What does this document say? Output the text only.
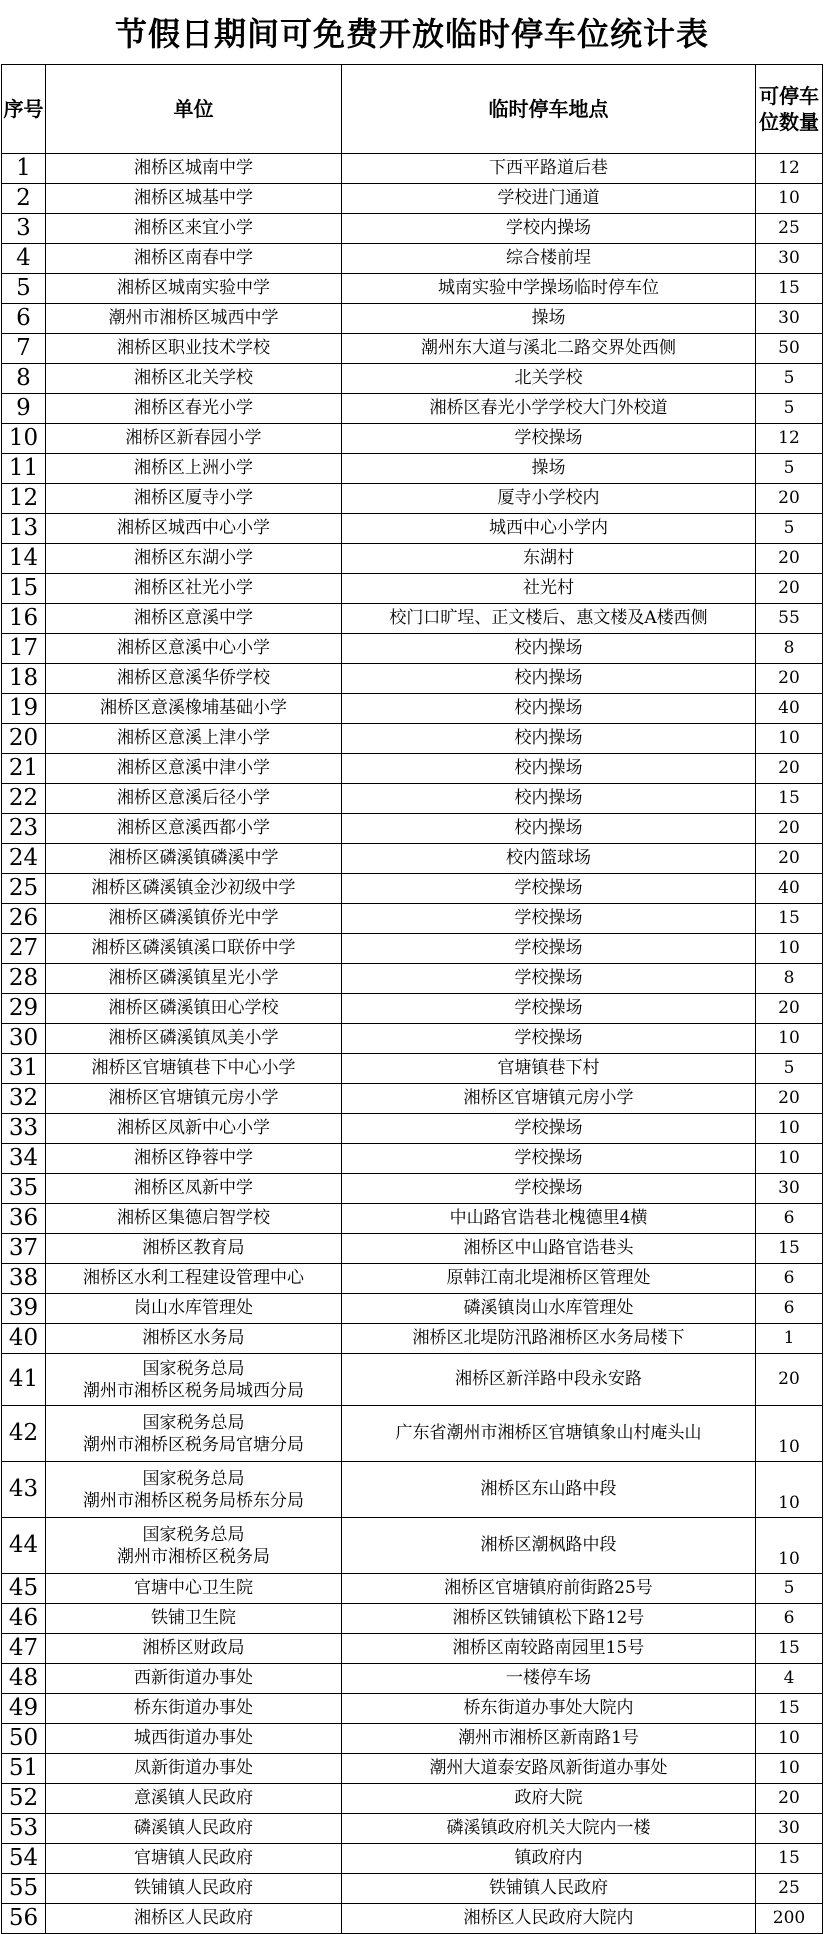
节假日期间可免费开放临时停车位统计表
序号	单位	临时停车地点	可停车位数量
1	湘桥区城南中学	下西平路道后巷	12
2	湘桥区城基中学	学校进门通道	10
3	湘桥区来宜小学	学校内操场	25
4	湘桥区南春中学	综合楼前埕	30
5	湘桥区城南实验中学	城南实验中学操场临时停车位	15
6	潮州市湘桥区城西中学	操场	30
7	湘桥区职业技术学校	潮州东大道与溪北二路交界处西侧	50
8	湘桥区北关学校	北关学校	5
9	湘桥区春光小学	湘桥区春光小学学校大门外校道	5
10	湘桥区新春园小学	学校操场	12
11	湘桥区上洲小学	操场	5
12	湘桥区厦寺小学	厦寺小学校内	20
13	湘桥区城西中心小学	城西中心小学内	5
14	湘桥区东湖小学	东湖村	20
15	湘桥区社光小学	社光村	20
16	湘桥区意溪中学	校门口旷埕、正文楼后、惠文楼及A楼西侧	55
17	湘桥区意溪中心小学	校内操场	8
18	湘桥区意溪华侨学校	校内操场	20
19	湘桥区意溪橡埔基础小学	校内操场	40
20	湘桥区意溪上津小学	校内操场	10
21	湘桥区意溪中津小学	校内操场	20
22	湘桥区意溪后径小学	校内操场	15
23	湘桥区意溪西都小学	校内操场	20
24	湘桥区磷溪镇磷溪中学	校内篮球场	20
25	湘桥区磷溪镇金沙初级中学	学校操场	40
26	湘桥区磷溪镇侨光中学	学校操场	15
27	湘桥区磷溪镇溪口联侨中学	学校操场	10
28	湘桥区磷溪镇星光小学	学校操场	8
29	湘桥区磷溪镇田心学校	学校操场	20
30	湘桥区磷溪镇凤美小学	学校操场	10
31	湘桥区官塘镇巷下中心小学	官塘镇巷下村	5
32	湘桥区官塘镇元房小学	湘桥区官塘镇元房小学	20
33	湘桥区凤新中心小学	学校操场	10
34	湘桥区铮蓉中学	学校操场	10
35	湘桥区凤新中学	学校操场	30
36	湘桥区集德启智学校	中山路官诰巷北槐德里4横	6
37	湘桥区教育局	湘桥区中山路官诰巷头	15
38	湘桥区水利工程建设管理中心	原韩江南北堤湘桥区管理处	6
39	岗山水库管理处	磷溪镇岗山水库管理处	6
40	湘桥区水务局	湘桥区北堤防汛路湘桥区水务局楼下	1
41	国家税务总局
潮州市湘桥区税务局城西分局	湘桥区新洋路中段永安路	20
42	国家税务总局
潮州市湘桥区税务局官塘分局	广东省潮州市湘桥区官塘镇象山村庵头山	10
43	国家税务总局
潮州市湘桥区税务局桥东分局	湘桥区东山路中段	10
44	国家税务总局
潮州市湘桥区税务局	湘桥区潮枫路中段	10
45	官塘中心卫生院	湘桥区官塘镇府前街路25号	5
46	铁铺卫生院	湘桥区铁铺镇松下路12号	6
47	湘桥区财政局	湘桥区南较路南园里15号	15
48	西新街道办事处	一楼停车场	4
49	桥东街道办事处	桥东街道办事处大院内	15
50	城西街道办事处	潮州市湘桥区新南路1号	10
51	凤新街道办事处	潮州大道泰安路凤新街道办事处	10
52	意溪镇人民政府	政府大院	20
53	磷溪镇人民政府	磷溪镇政府机关大院内一楼	30
54	官塘镇人民政府	镇政府内	15
55	铁铺镇人民政府	铁铺镇人民政府	25
56	湘桥区人民政府	湘桥区人民政府大院内	200
